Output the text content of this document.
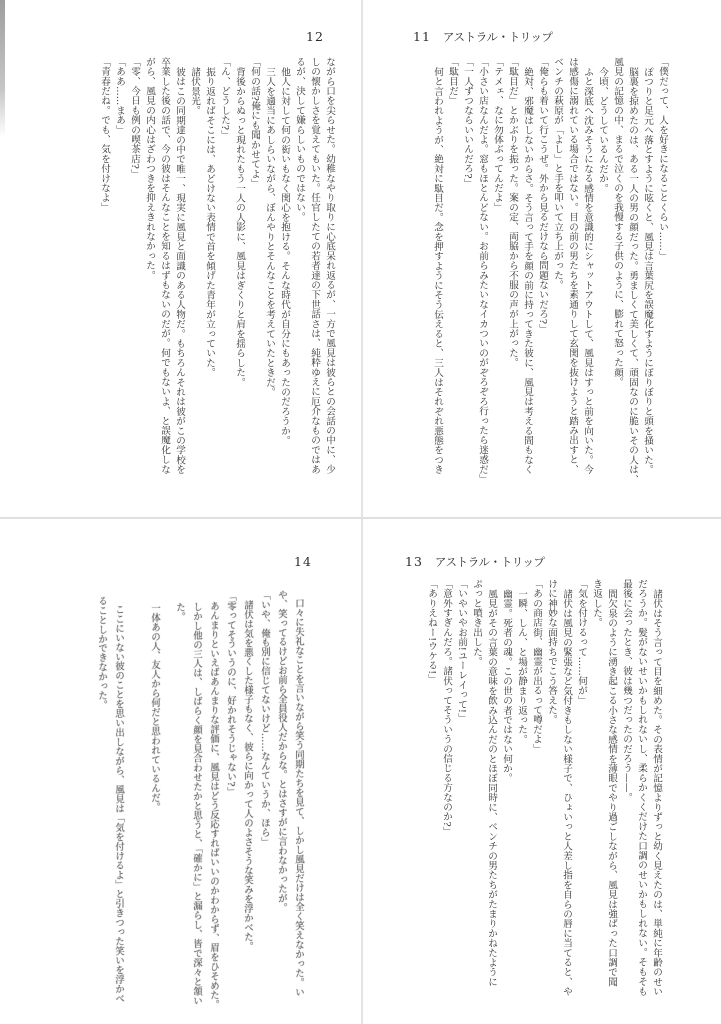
11 アストラル・トリップ

「僕だって、人を好きになることくらい……」

ぽつりと足元へ落とすように呟くと、風見は言葉尻を誤魔化すようにぼりぼりと頭を掻いた。

脳裏を掠めたのは、ある一人の男の顔だった。勇ましくて美しくて、頑固なのに脆いその人は、

風見の記憶の中、まるで泣くのを我慢する子供のように、膨れて怒った顔。

今頃、どうしているんだか。

ふと深底へ沈みそうになる感情を意識的にシャットアウトして、風見はすっと前を向いた。今

は感傷に溺れている場合ではない。目の前の男たちを素通りして玄関を抜けようと踏み出すと、

ベンチの萩原が「よし」と手を叩いて立ち上がった。

「俺らも着いて行こうぜ。外から見るだけなら問題ないだろ?」

絶対、邪魔はしないからさ。そう言って手を顔の前に持ってきた彼に、風見は考える間もなく

「駄目だ」とかぶりを振った。案の定、両脇から不服の声が上がった。

「テメェ、なに勿体ぶってんだよ」

「小さい店なんだよ。窓もほとんどない。お前らみたいなイカついのがぞろぞろ行ったら迷惑だ」

「一人ずつならいいんだろ?」

「駄目だ」

何と言われようが、絶対に駄目だ。念を押すようにそう伝えると、三人はそれぞれ悪態をつき

12

ながら口を尖らせた。幼稚なやり取りに心底呆れ返るが、一方で風見は彼らとの会話の中に、少

しの懐かしさを覚えてもいた。任官したての若者達の下世話さは、純粋ゆえに厄介なものではあ

るが、決して嫌らしいものではない。

他人に対して何の衒いもなく関心を抱ける。そんな時代が自分にもあったのだろうか。

三人を適当にあしらいながら、ぼんやりとそんなことを考えていたときだ。

「何の話?俺にも聞かせてよ」

背後からぬっと現れたもう一人の人影に、風見はぎくりと肩を揺らした。

「ん、どうした?」

振り返ればそこには、あどけない表情で首を傾げた青年が立っていた。

諸伏景光。

彼はこの同期達の中で唯一、現実に風見と面識のある人物だ。もちろんそれは彼がこの学校を

卒業した後の話で、今の彼はそんなことを知るはずもないのだが。何でもないよ、と誤魔化しな

がら、風見の内心はざわつきを抑えきれなかった。

「零、今日も例の喫茶店?」

「ああ……まあ」

「青春だね。でも、気を付けなよ」

13 アストラル・トリップ

諸伏はそう言って目を細めた。その表情が記憶よりずっと幼く見えたのは、単純に年齢のせい

だろうか。髪がないせいかもしれないし、柔らかくくだけた口調のせいかもしれない。そもそも

最後に会ったとき、彼は幾つだったのだろう——。

間欠泉のように湧き起こる小さな感情を薄眼でやり過ごしながら、風見は強ばった口調で聞

き返した。

「気を付けるって……何が」

諸伏は風見の緊張など気付きもしない様子で、ひょいっと人差し指を自らの唇に当てると、や

けに神妙な面持ちでこう答えた。

「あの商店街、幽霊が出るって噂だよ」

一瞬、しん、と場が静まり返った。

幽霊。死者の魂。この世の者ではない何か。

風見がその言葉の意味を飲み込んだのとほぼ同時に、ベンチの男たちがたまりかねたように

ぷっと噴き出した。

「いやいやお前!ユーレイって!」

「意外すぎんだろ。諸伏ってそういうの信じる方なのか?」

「ありえねー!ウケる!」

14

口々に失礼なことを言いながら笑う同期たちを見て、しかし風見だけは全く笑えなかった。い

や、笑ってるけどお前ら全員役人だからな。とはさすがに言わなかったが。

「いや、俺も別に信じてないけど……なんていうか、ほら」

諸伏は気を悪くした様子もなく、彼らに向かって人のよさそうな笑みを浮かべた。

「零ってそういうのに、好かれそうじゃない?」

あんまりといえばあんまりな評価に、風見はどう反応すればいいのかわからず、眉をひそめた。

しかし他の三人は、しばらく顔を見合わせたかと思うと、「確かに」と漏らし、皆で深々と頷いた。

一体あの人、友人から何だと思われているんだ。

ここにいない彼のことを思い出しながら、風見は「気を付けるよ」と引きつった笑いを浮かべ

ることしかできなかった。
